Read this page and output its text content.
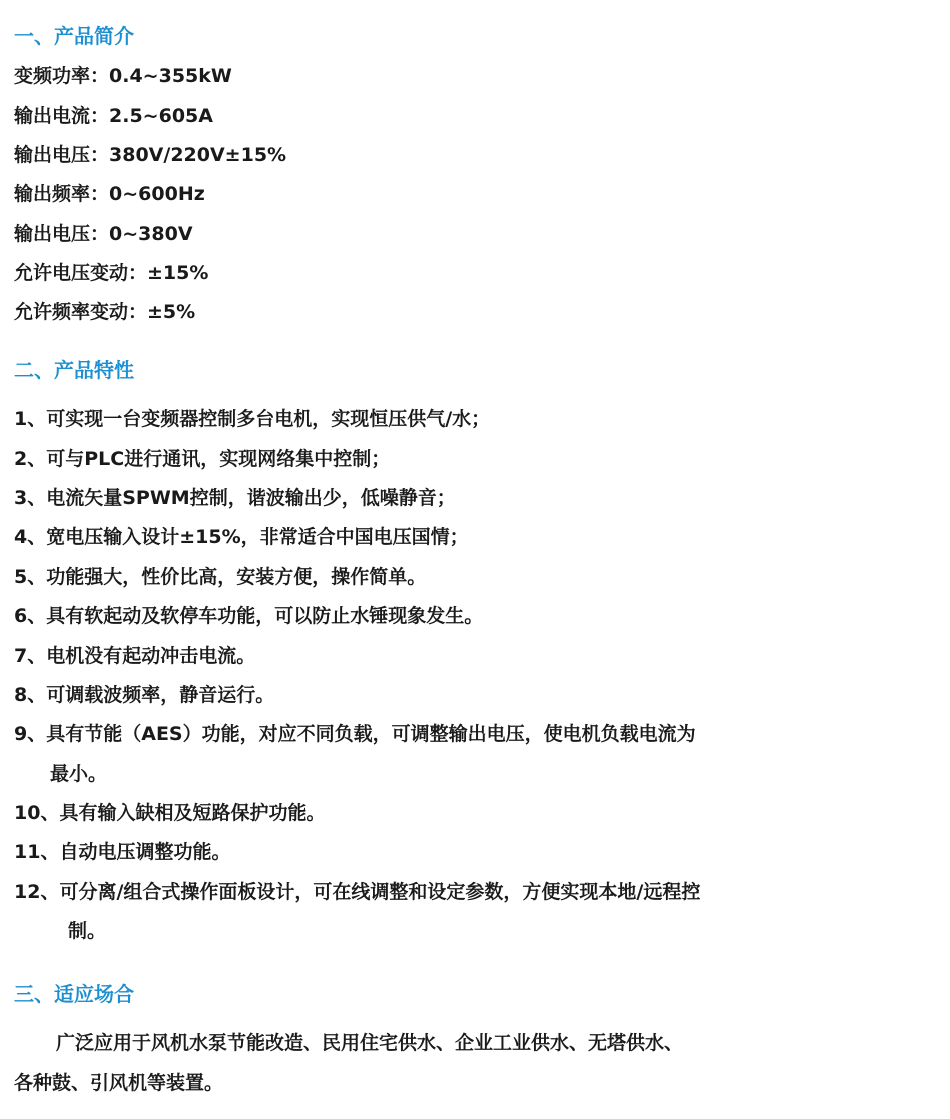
一、产品简介
变频功率：0.4~355kW
输出电流：2.5~605A
输出电压：380V/220V±15%
输出频率：0~600Hz
输出电压：0~380V
允许电压变动：±15%
允许频率变动：±5%
二、产品特性
1、可实现一台变频器控制多台电机，实现恒压供气/水；
2、可与PLC进行通讯，实现网络集中控制；
3、电流矢量SPWM控制，谐波输出少，低噪静音；
4、宽电压输入设计±15%，非常适合中国电压国情；
5、功能强大，性价比高，安装方便，操作简单。
6、具有软起动及软停车功能，可以防止水锤现象发生。
7、电机没有起动冲击电流。
8、可调载波频率，静音运行。
9、具有节能（AES）功能，对应不同负载，可调整输出电压，使电机负载电流为
最小。
10、具有输入缺相及短路保护功能。
11、自动电压调整功能。
12、可分离/组合式操作面板设计，可在线调整和设定参数，方便实现本地/远程控
制。
三、适应场合
广泛应用于风机水泵节能改造、民用住宅供水、企业工业供水、无塔供水、
各种鼓、引风机等装置。
